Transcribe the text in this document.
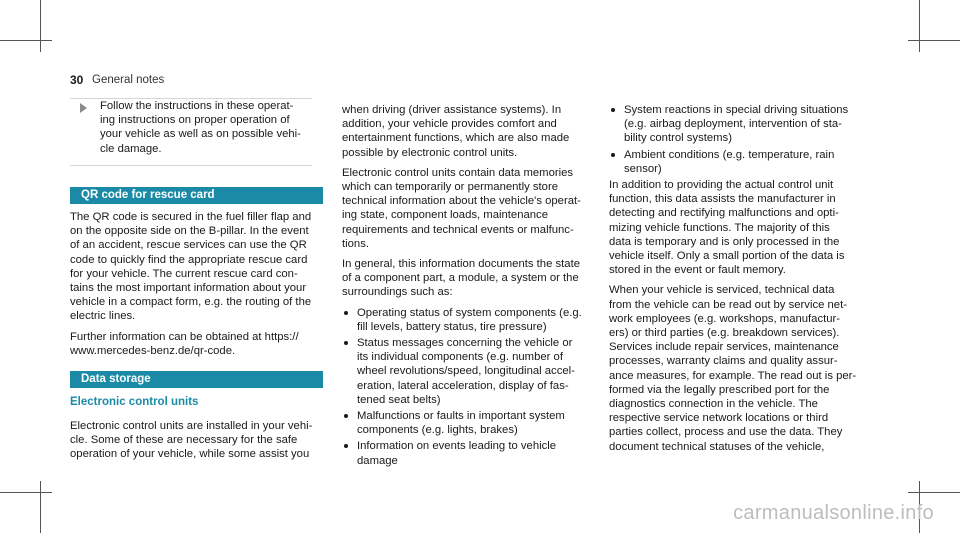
30 General notes
Follow the instructions in these operat-
ing instructions on proper operation of
your vehicle as well as on possible vehi-
cle damage.
QR code for rescue card

The QR code is secured in the fuel filler flap and
on the opposite side on the B-pillar. In the event
of an accident, rescue services can use the QR
code to quickly find the appropriate rescue card
for your vehicle. The current rescue card con-
tains the most important information about your
vehicle in a compact form, e.g. the routing of the
electric lines.

Further information can be obtained at https://
www.mercedes-benz.de/qr-code.

Data storage
Electronic control units

Electronic control units are installed in your vehi-
cle. Some of these are necessary for the safe
operation of your vehicle, while some assist you

when driving (driver assistance systems). In
addition, your vehicle provides comfort and
entertainment functions, which are also made
possible by electronic control units.

Electronic control units contain data memories
which can temporarily or permanently store
technical information about the vehicle's operat-
ing state, component loads, maintenance
requirements and technical events or malfunc-
tions.

In general, this information documents the state
of a component part, a module, a system or the
surroundings such as:

Operating status of system components (e.g.
fill levels, battery status, tire pressure)
Status messages concerning the vehicle or
its individual components (e.g. number of
wheel revolutions/speed, longitudinal accel-
eration, lateral acceleration, display of fas-
tened seat belts)
Malfunctions or faults in important system
components (e.g. lights, brakes)
Information on events leading to vehicle
damage
System reactions in special driving situations
(e.g. airbag deployment, intervention of sta-
bility control systems)
Ambient conditions (e.g. temperature, rain
sensor)

In addition to providing the actual control unit
function, this data assists the manufacturer in
detecting and rectifying malfunctions and opti-
mizing vehicle functions. The majority of this
data is temporary and is only processed in the
vehicle itself. Only a small portion of the data is
stored in the event or fault memory.

When your vehicle is serviced, technical data
from the vehicle can be read out by service net-
work employees (e.g. workshops, manufactur-
ers) or third parties (e.g. breakdown services).
Services include repair services, maintenance
processes, warranty claims and quality assur-
ance measures, for example. The read out is per-
formed via the legally prescribed port for the
diagnostics connection in the vehicle. The
respective service network locations or third
parties collect, process and use the data. They
document technical statuses of the vehicle,

carmanualsonline.info
